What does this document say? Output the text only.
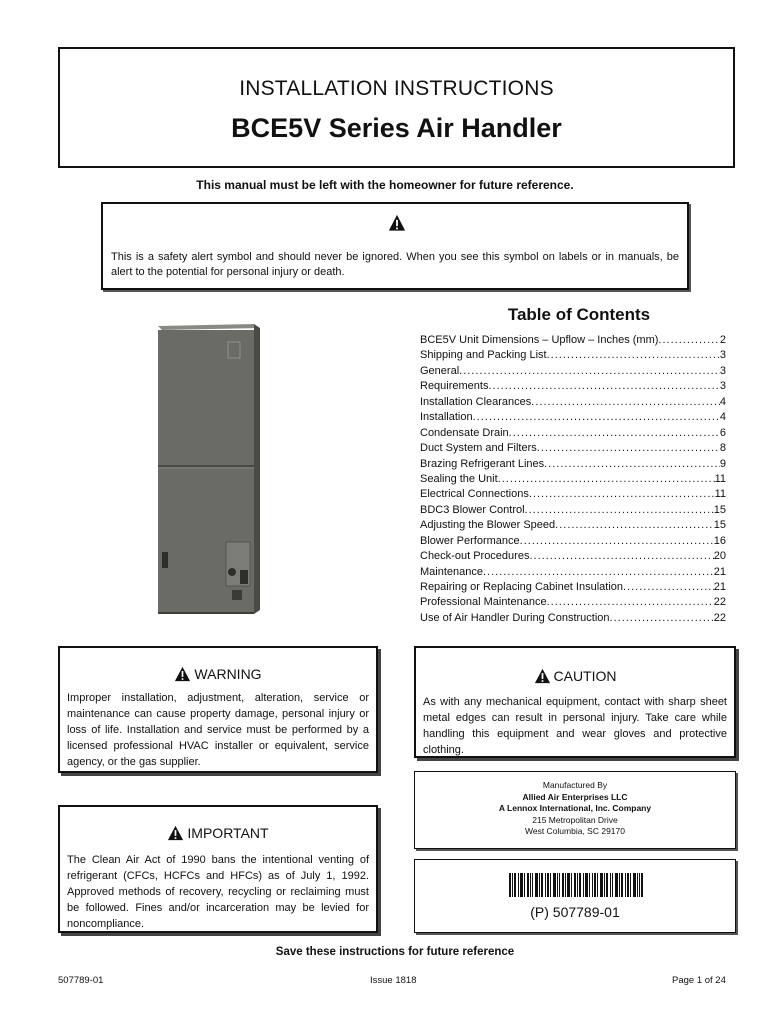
INSTALLATION INSTRUCTIONS
BCE5V Series Air Handler
This manual must be left with the homeowner for future reference.
This is a safety alert symbol and should never be ignored. When you see this symbol on labels or in manuals, be alert to the potential for personal injury or death.
Table of Contents
BCE5V Unit Dimensions – Upflow – Inches (mm) .....	2
Shipping and Packing List .....	3
General .....	3
Requirements .....	3
Installation Clearances .....	4
Installation .....	4
Condensate Drain .....	6
Duct System and Filters .....	8
Brazing Refrigerant Lines .....	9
Sealing the Unit .....	11
Electrical Connections .....	11
BDC3 Blower Control .....	15
Adjusting the Blower Speed .....	15
Blower Performance .....	16
Check-out Procedures .....	20
Maintenance .....	21
Repairing or Replacing Cabinet Insulation .....	21
Professional Maintenance .....	22
Use of Air Handler During Construction .....	22
WARNING
Improper installation, adjustment, alteration, service or maintenance can cause property damage, personal injury or loss of life. Installation and service must be performed by a licensed professional HVAC installer or equivalent, service agency, or the gas supplier.
CAUTION
As with any mechanical equipment, contact with sharp sheet metal edges can result in personal injury. Take care while handling this equipment and wear gloves and protective clothing.
Manufactured By
Allied Air Enterprises LLC
A Lennox International, Inc. Company
215 Metropolitan Drive
West Columbia, SC 29170
IMPORTANT
The Clean Air Act of 1990 bans the intentional venting of refrigerant (CFCs, HCFCs and HFCs) as of July 1, 1992. Approved methods of recovery, recycling or reclaiming must be followed. Fines and/or incarceration may be levied for noncompliance.
(P) 507789-01
Save these instructions for future reference
507789-01	Issue 1818	Page 1 of 24
